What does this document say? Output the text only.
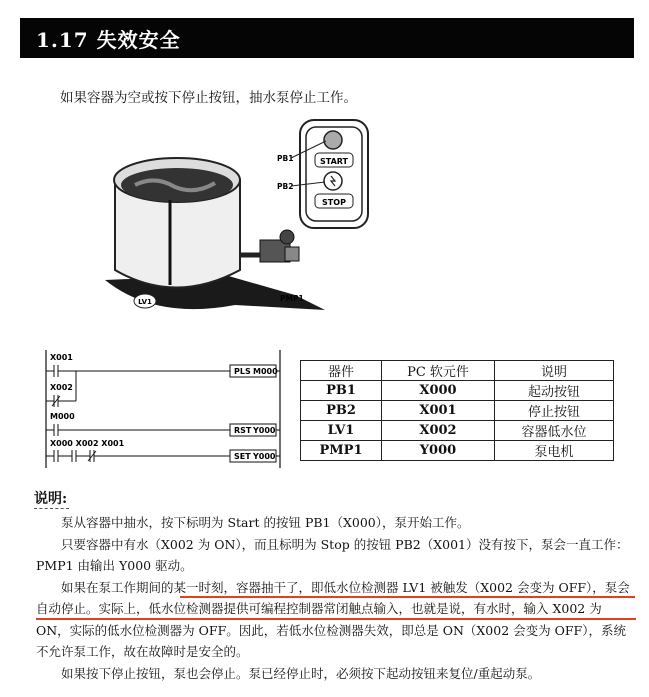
1.17 失效安全
如果容器为空或按下停止按钮，抽水泵停止工作。
START
STOP
PB1
PB2
LV1	PMP1
X001
X002
PLS M000
M000
RST Y000
X000 X002 X001
SET Y000
器件	PC 软元件	说明
PB1	X000	起动按钮
PB2	X001	停止按钮
LV1	X002	容器低水位
PMP1	Y000	泵电机
说明:

泵从容器中抽水，按下标明为 Start 的按钮 PB1（X000），泵开始工作。

只要容器中有水（X002 为 ON），而且标明为 Stop 的按钮 PB2（X001）没有按下，泵会一直工作：PMP1 由输出 Y000 驱动。

如果在泵工作期间的某一时刻，容器抽干了，即低水位检测器 LV1 被触发（X002 会变为 OFF），泵会自动停止。实际上，低水位检测器提供可编程控制器常闭触点输入，也就是说，有水时，输入 X002 为 ON，实际的低水位检测器为 OFF。因此，若低水位检测器失效，即总是 ON（X002 会变为 OFF），系统不允许泵工作，故在故障时是安全的。

如果按下停止按钮，泵也会停止。泵已经停止时，必须按下起动按钮来复位/重起动泵。
